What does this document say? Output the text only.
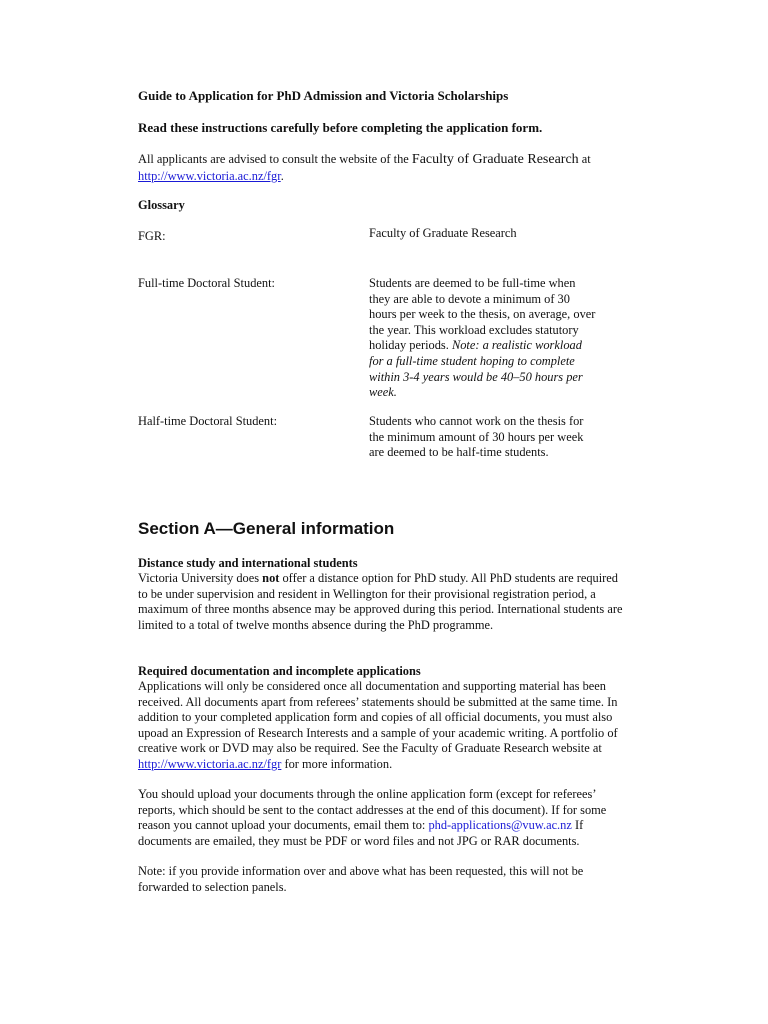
Guide to Application for PhD Admission and Victoria Scholarships
Read these instructions carefully before completing the application form.
All applicants are advised to consult the website of the Faculty of Graduate Research at
http://www.victoria.ac.nz/fgr.
Glossary
FGR:	Faculty of Graduate Research
Full-time Doctoral Student:	Students are deemed to be full-time when they are able to devote a minimum of 30 hours per week to the thesis, on average, over the year. This workload excludes statutory holiday periods. Note: a realistic workload for a full-time student hoping to complete within 3-4 years would be 40–50 hours per week.
Half-time Doctoral Student:	Students who cannot work on the thesis for the minimum amount of 30 hours per week are deemed to be half-time students.
Section A—General information
Distance study and international students
Victoria University does not offer a distance option for PhD study. All PhD students are required to be under supervision and resident in Wellington for their provisional registration period, a maximum of three months absence may be approved during this period. International students are limited to a total of twelve months absence during the PhD programme.
Required documentation and incomplete applications
Applications will only be considered once all documentation and supporting material has been received. All documents apart from referees’ statements should be submitted at the same time. In addition to your completed application form and copies of all official documents, you must also upoad an Expression of Research Interests and a sample of your academic writing. A portfolio of creative work or DVD may also be required. See the Faculty of Graduate Research website at http://www.victoria.ac.nz/fgr for more information.
You should upload your documents through the online application form (except for referees’ reports, which should be sent to the contact addresses at the end of this document). If for some reason you cannot upload your documents, email them to: phd-applications@vuw.ac.nz If documents are emailed, they must be PDF or word files and not JPG or RAR documents.
Note: if you provide information over and above what has been requested, this will not be forwarded to selection panels.
